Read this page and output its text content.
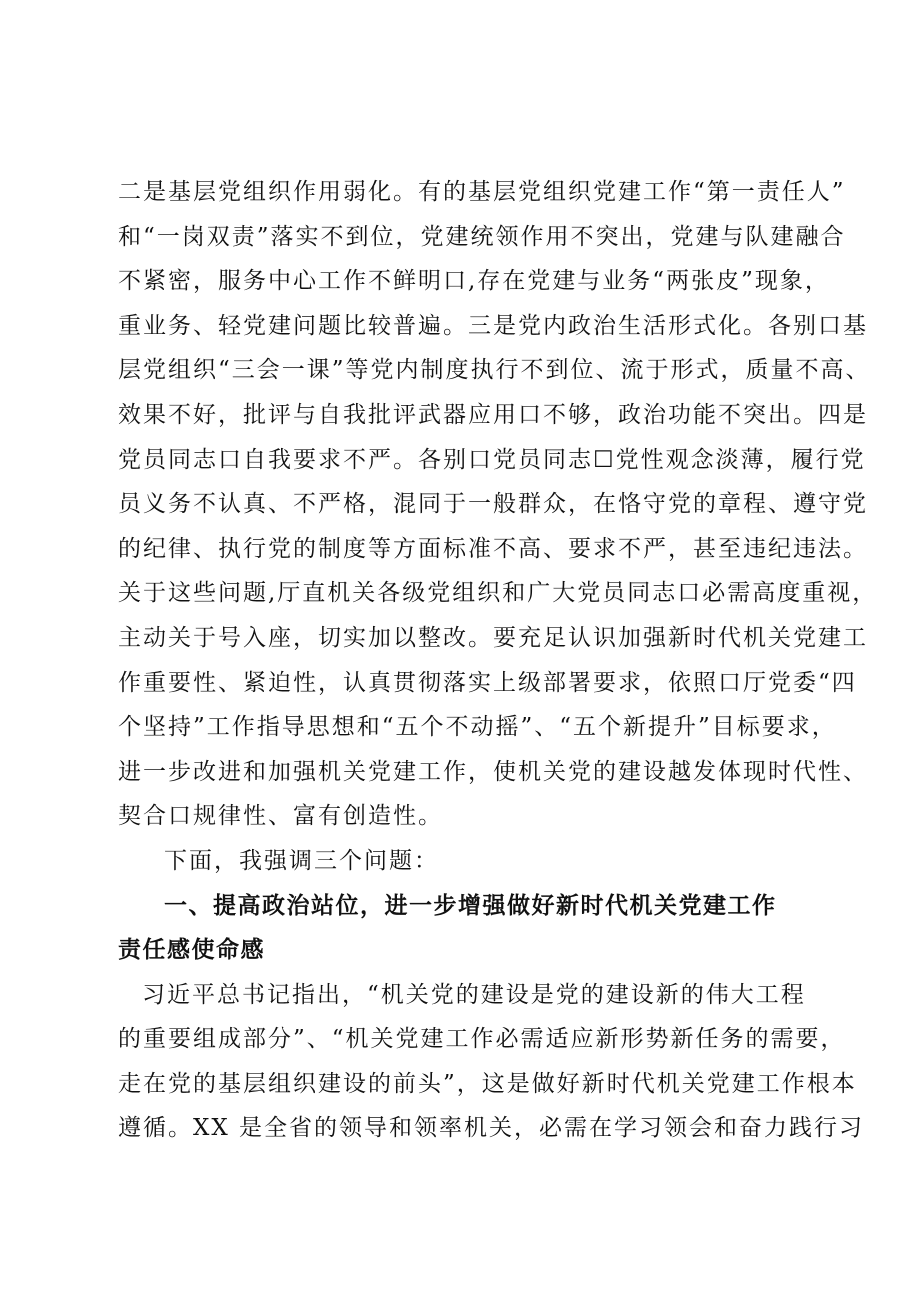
二是基层党组织作用弱化。有的基层党组织党建工作“第一责任人”
和“一岗双责”落实不到位，党建统领作用不突出，党建与队建融合
不紧密，服务中心工作不鲜明口,存在党建与业务“两张皮”现象，
重业务、轻党建问题比较普遍。三是党内政治生活形式化。各别口基
层党组织“三会一课”等党内制度执行不到位、流于形式，质量不高、
效果不好，批评与自我批评武器应用口不够，政治功能不突出。四是
党员同志口自我要求不严。各别口党员同志☐党性观念淡薄，履行党
员义务不认真、不严格，混同于一般群众，在恪守党的章程、遵守党
的纪律、执行党的制度等方面标准不高、要求不严，甚至违纪违法。
关于这些问题,厅直机关各级党组织和广大党员同志口必需高度重视，
主动关于号入座，切实加以整改。要充足认识加强新时代机关党建工
作重要性、紧迫性，认真贯彻落实上级部署要求，依照口厅党委“四
个坚持”工作指导思想和“五个不动摇”、“五个新提升”目标要求，
进一步改进和加强机关党建工作，使机关党的建设越发体现时代性、
契合口规律性、富有创造性。
下面，我强调三个问题：
一、提高政治站位，进一步增强做好新时代机关党建工作
责任感使命感
习近平总书记指出，“机关党的建设是党的建设新的伟大工程
的重要组成部分”、“机关党建工作必需适应新形势新任务的需要，
走在党的基层组织建设的前头”，这是做好新时代机关党建工作根本
遵循。XX 是全省的领导和领率机关，必需在学习领会和奋力践行习
